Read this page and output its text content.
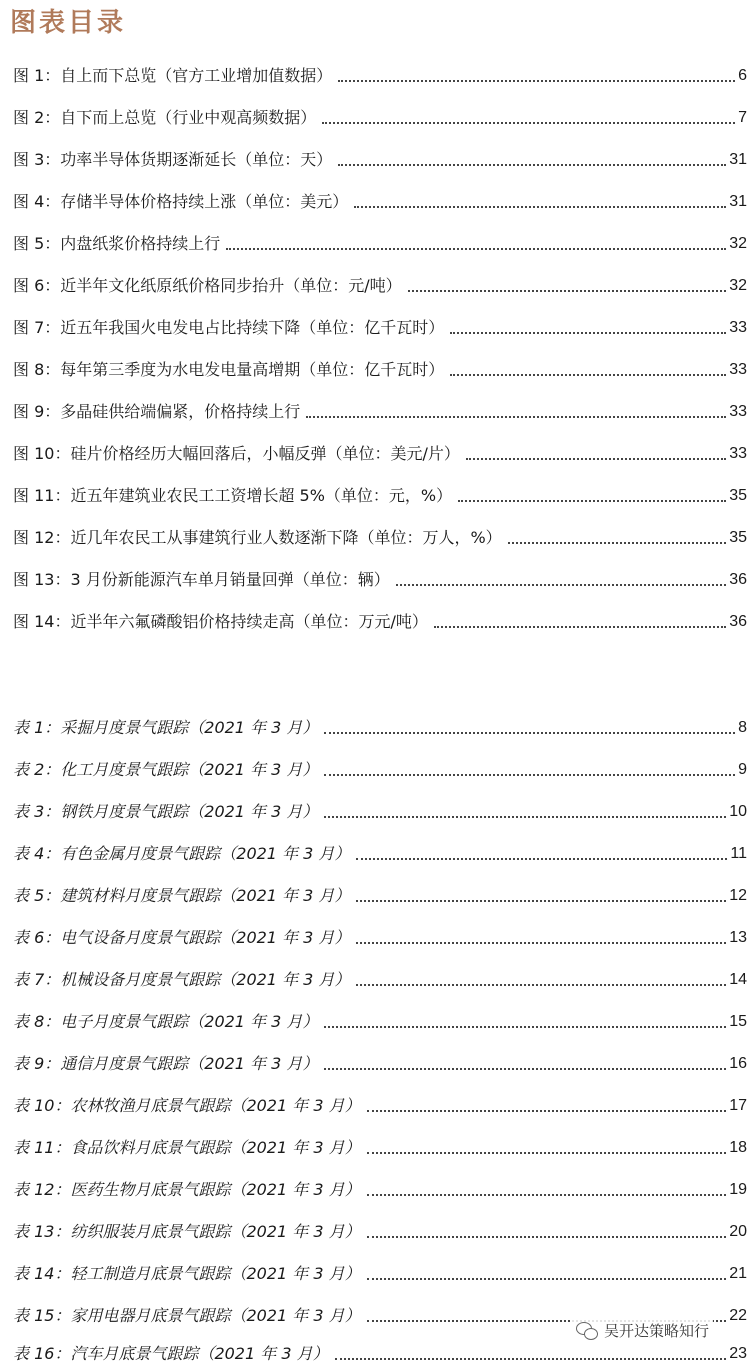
图表目录
图 1：自上而下总览（官方工业增加值数据）	6
图 2：自下而上总览（行业中观高频数据）	7
图 3：功率半导体货期逐渐延长（单位：天）	31
图 4：存储半导体价格持续上涨（单位：美元）	31
图 5：内盘纸浆价格持续上行	32
图 6：近半年文化纸原纸价格同步抬升（单位：元/吨）	32
图 7：近五年我国火电发电占比持续下降（单位：亿千瓦时）	33
图 8：每年第三季度为水电发电量高增期（单位：亿千瓦时）	33
图 9：多晶硅供给端偏紧，价格持续上行	33
图 10：硅片价格经历大幅回落后，小幅反弹（单位：美元/片）	33
图 11：近五年建筑业农民工工资增长超 5%（单位：元，%）	35
图 12：近几年农民工从事建筑行业人数逐渐下降（单位：万人，%）	35
图 13：3 月份新能源汽车单月销量回弹（单位：辆）	36
图 14：近半年六氟磷酸铝价格持续走高（单位：万元/吨）	36
表 1：采掘月度景气跟踪（2021 年 3 月）	8
表 2：化工月度景气跟踪（2021 年 3 月）	9
表 3：钢铁月度景气跟踪（2021 年 3 月）	10
表 4：有色金属月度景气跟踪（2021 年 3 月）	11
表 5：建筑材料月度景气跟踪（2021 年 3 月）	12
表 6：电气设备月度景气跟踪（2021 年 3 月）	13
表 7：机械设备月度景气跟踪（2021 年 3 月）	14
表 8：电子月度景气跟踪（2021 年 3 月）	15
表 9：通信月度景气跟踪（2021 年 3 月）	16
表 10：农林牧渔月底景气跟踪（2021 年 3 月）	17
表 11：食品饮料月底景气跟踪（2021 年 3 月）	18
表 12：医药生物月底景气跟踪（2021 年 3 月）	19
表 13：纺织服装月底景气跟踪（2021 年 3 月）	20
表 14：轻工制造月底景气跟踪（2021 年 3 月）	21
表 15：家用电器月底景气跟踪（2021 年 3 月）	22
表 16：汽车月底景气跟踪（2021 年 3 月）	23
吴开达策略知行
